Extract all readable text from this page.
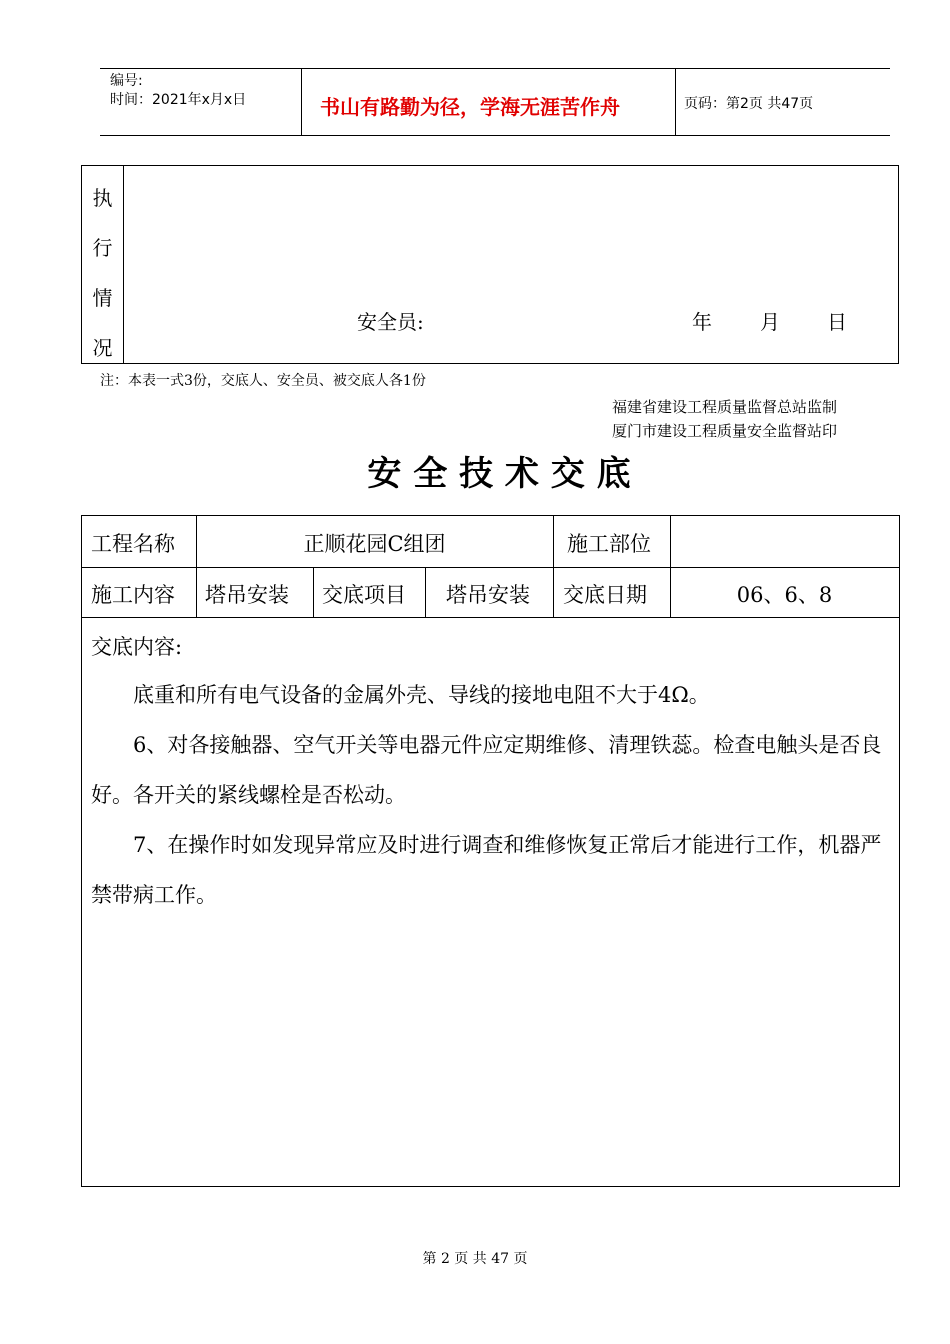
编号:
时间：2021年x月x日	书山有路勤为径，学海无涯苦作舟	页码：第2页 共47页
执
行
情
况
安全员:	年 月 日
注：本表一式3份，交底人、安全员、被交底人各1份
福建省建设工程质量监督总站监制
厦门市建设工程质量安全监督站印
安 全 技 术 交 底
工程名称	正顺花园C组团	施工部位
施工内容 塔吊安装 交底项目 塔吊安装 交底日期	06、6、8
交底内容:
底重和所有电气设备的金属外壳、导线的接地电阻不大于4Ω。
6、对各接触器、空气开关等电器元件应定期维修、清理铁蕊。检查电触头是否良好。各开关的紧线螺栓是否松动。
7、在操作时如发现异常应及时进行调查和维修恢复正常后才能进行工作，机器严禁带病工作。
第 2 页 共 47 页
